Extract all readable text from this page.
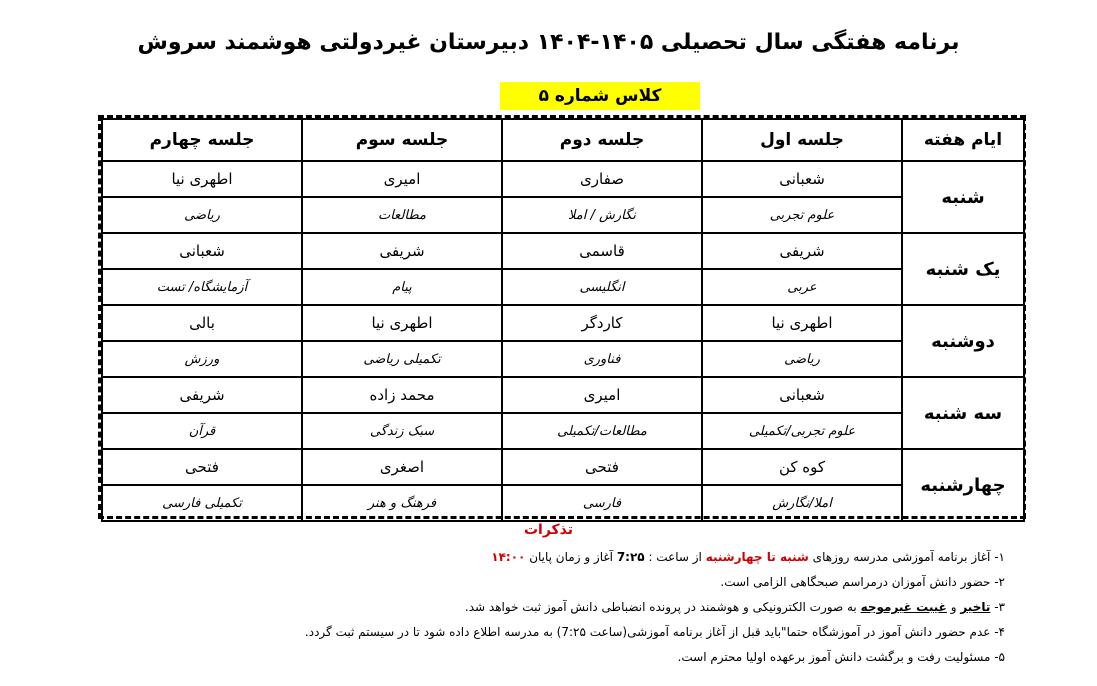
برنامه هفتگی سال تحصیلی ۱۴۰۵-۱۴۰۴ دبیرستان غیردولتی هوشمند سروش
کلاس شماره ۵
ایام هفته	جلسه اول	جلسه دوم	جلسه سوم	جلسه چهارم
شنبه	شعبانی	صفاری	امیری	اطهری نیا
	علوم تجربی	نگارش / املا	مطالعات	ریاضی
یک شنبه	شریفی	قاسمی	شریفی	شعبانی
	عربی	انگلیسی	پیام	آزمایشگاه/ تست
دوشنبه	اطهری نیا	کاردگر	اطهری نیا	بالی
	ریاضی	فناوری	تکمیلی ریاضی	ورزش
سه شنبه	شعبانی	امیری	محمد زاده	شریفی
	علوم تجربی/تکمیلی	مطالعات/تکمیلی	سبک زندگی	قرآن
چهارشنبه	کوه کن	فتحی	اصغری	فتحی
	املا/نگارش	فارسی	فرهنگ و هنر	تکمیلی فارسی
تذکرات
۱- آغاز برنامه آموزشی مدرسه روزهای شنبه تا چهارشنبه از ساعت : 7:۲۵ آغاز و زمان پایان ۱۴:۰۰
۲- حضور دانش آموزان درمراسم صبحگاهی الزامی است.
۳- تاخیر و غیبت غیرموجه به صورت الکترونیکی و هوشمند در پرونده انضباطی دانش آموز ثبت خواهد شد.
۴- عدم حضور دانش آموز در آموزشگاه حتما"باید قبل از آغاز برنامه آموزشی(ساعت 7:۲۵) به مدرسه اطلاع داده شود تا در سیستم ثبت گردد.
۵- مسئولیت رفت و برگشت دانش آموز برعهده اولیا محترم است.
